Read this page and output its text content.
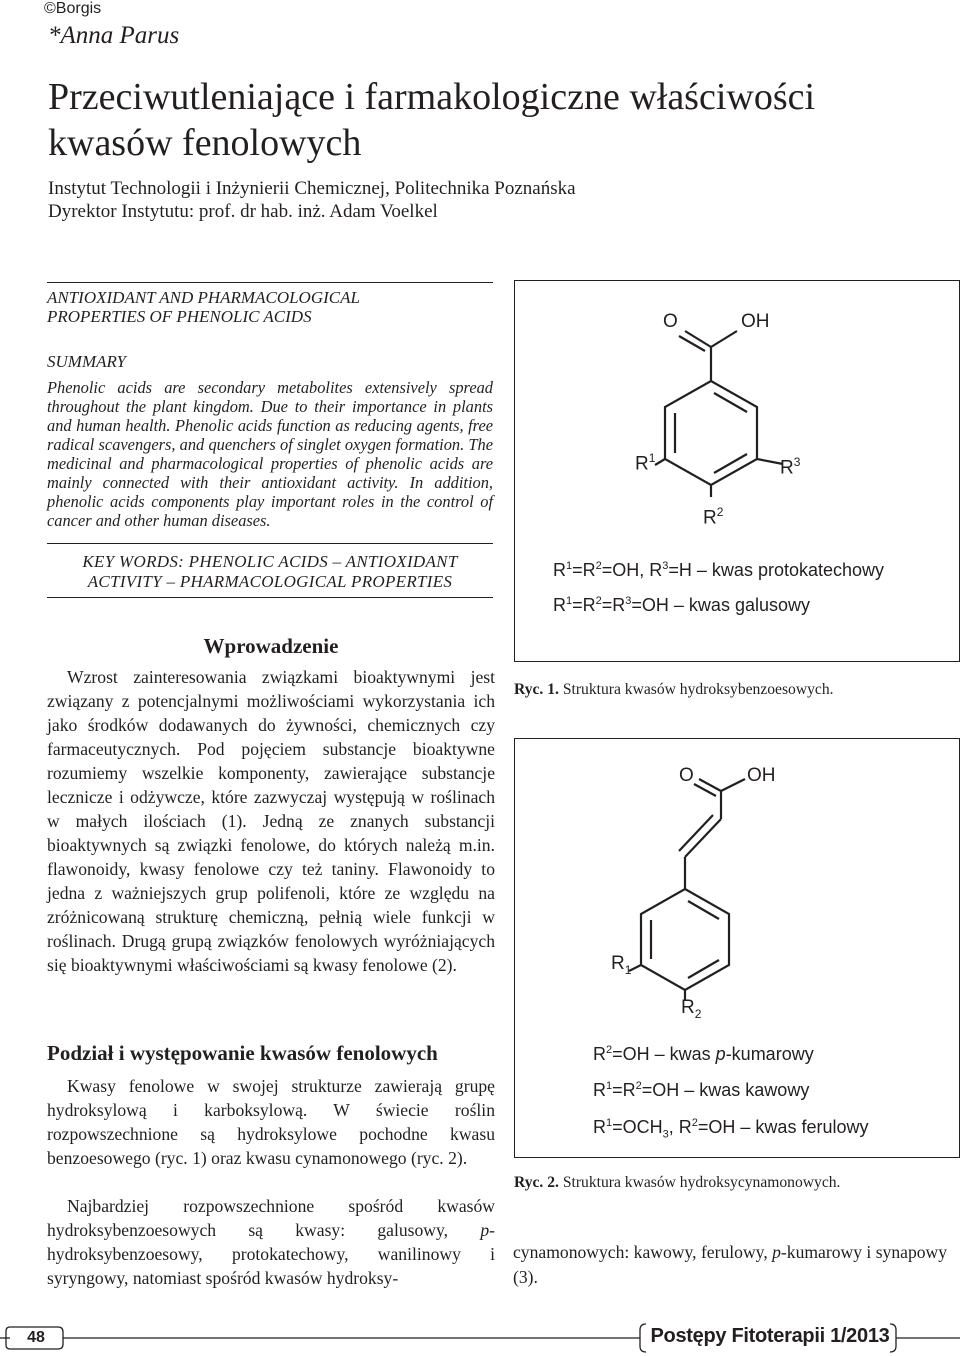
©Borgis
*Anna Parus
Przeciwutleniające i farmakologiczne właściwości
kwasów fenolowych
Instytut Technologii i Inżynierii Chemicznej, Politechnika Poznańska
Dyrektor Instytutu: prof. dr hab. inż. Adam Voelkel
ANTIOXIDANT AND PHARMACOLOGICAL
PROPERTIES OF PHENOLIC ACIDS
SUMMARY
Phenolic acids are secondary metabolites extensively spread throughout the plant kingdom. Due to their importance in plants and human health. Phenolic acids function as reducing agents, free radical scavengers, and quenchers of singlet oxygen formation. The medicinal and pharmacological properties of phenolic acids are mainly connected with their antioxidant activity. In addition, phenolic acids components play important roles in the control of cancer and other human diseases.
KEY WORDS: PHENOLIC ACIDS – ANTIOXIDANT
ACTIVITY – PHARMACOLOGICAL PROPERTIES
Wprowadzenie
Wzrost zainteresowania związkami bioaktywnymi jest związany z potencjalnymi możliwościami wykorzystania ich jako środków dodawanych do żywności, chemicznych czy farmaceutycznych. Pod pojęciem substancje bioaktywne rozumiemy wszelkie komponenty, zawierające substancje lecznicze i odżywcze, które zazwyczaj występują w roślinach w małych ilościach (1). Jedną ze znanych substancji bioaktywnych są związki fenolowe, do których należą m.in. flawonoidy, kwasy fenolowe czy też taniny. Flawonoidy to jedna z ważniejszych grup polifenoli, które ze względu na zróżnicowaną strukturę chemiczną, pełnią wiele funkcji w roślinach. Drugą grupą związków fenolowych wyróżniających się bioaktywnymi właściwościami są kwasy fenolowe (2).
Podział i występowanie kwasów fenolowych
Kwasy fenolowe w swojej strukturze zawierają grupę hydroksylową i karboksylową. W świecie roślin rozpowszechnione są hydroksylowe pochodne kwasu benzoesowego (ryc. 1) oraz kwasu cynamonowego (ryc. 2).
Najbardziej rozpowszechnione spośród kwasów hydroksybenzoesowych są kwasy: galusowy, p-hydroksybenzoesowy, protokatechowy, wanilinowy i syryngowy, natomiast spośród kwasów hydroksy-
O	OH
$R^1$	$R^3$
$R^2$
$R^1=R^2=OH$, $R^3=H$ – kwas protokatechowy
$R^1=R^2=R^3=OH$ – kwas galusowy
Ryc. 1. Struktura kwasów hydroksybenzoesowych.
O	OH
$R_1$
$R_2$
$R^2=OH$ – kwas p-kumarowy
$R^1=R^2=OH$ – kwas kawowy
$R^1=OCH_3$, $R^2=OH$ – kwas ferulowy
Ryc. 2. Struktura kwasów hydroksycynamonowych.
cynamonowych: kawowy, ferulowy, p-kumarowy i synapowy (3).
48	Postępy Fitoterapii 1/2013
